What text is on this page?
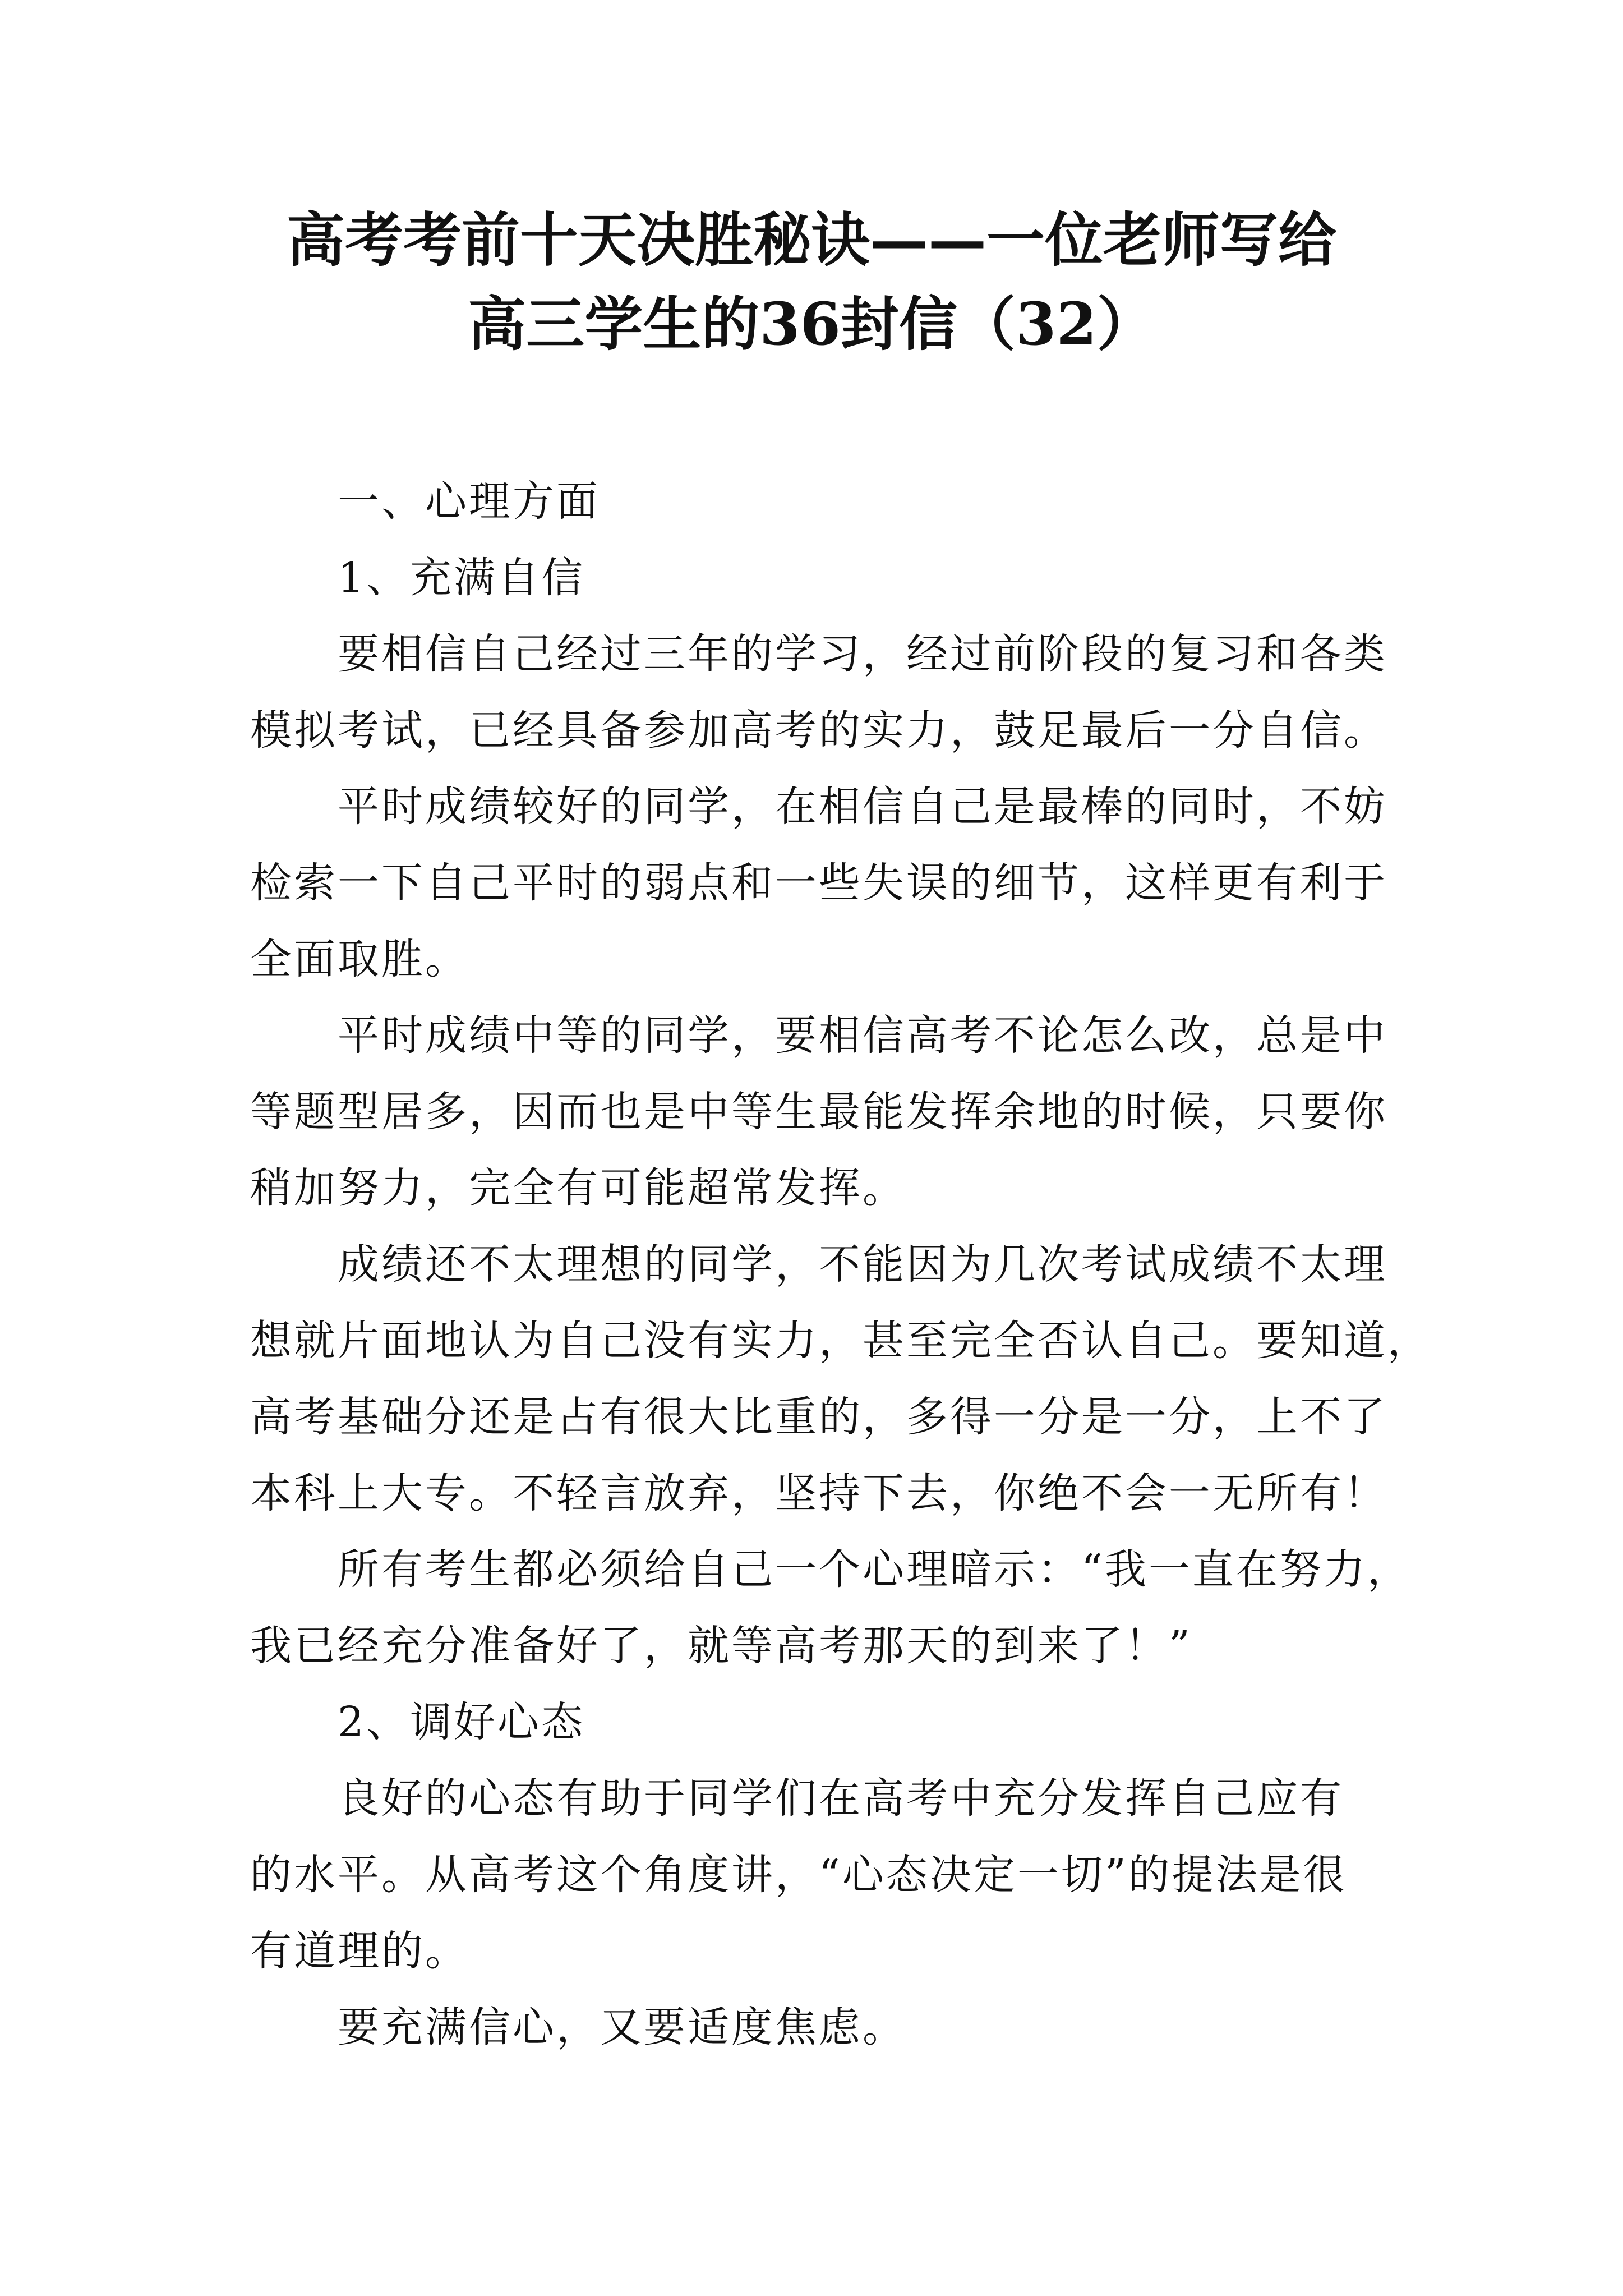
高考考前十天决胜秘诀——一位老师写给
高三学生的36封信（32）

一、心理方面

1、充满自信

要相信自己经过三年的学习，经过前阶段的复习和各类

模拟考试，已经具备参加高考的实力，鼓足最后一分自信。

平时成绩较好的同学，在相信自己是最棒的同时，不妨

检索一下自己平时的弱点和一些失误的细节，这样更有利于

全面取胜。

平时成绩中等的同学，要相信高考不论怎么改，总是中

等题型居多，因而也是中等生最能发挥余地的时候，只要你

稍加努力，完全有可能超常发挥。

成绩还不太理想的同学，不能因为几次考试成绩不太理

想就片面地认为自己没有实力，甚至完全否认自己。要知道，

高考基础分还是占有很大比重的，多得一分是一分，上不了

本科上大专。不轻言放弃，坚持下去，你绝不会一无所有！

所有考生都必须给自己一个心理暗示：“我一直在努力，

我已经充分准备好了，就等高考那天的到来了！”

2、调好心态

良好的心态有助于同学们在高考中充分发挥自己应有

的水平。从高考这个角度讲，“心态决定一切”的提法是很

有道理的。

要充满信心，又要适度焦虑。
